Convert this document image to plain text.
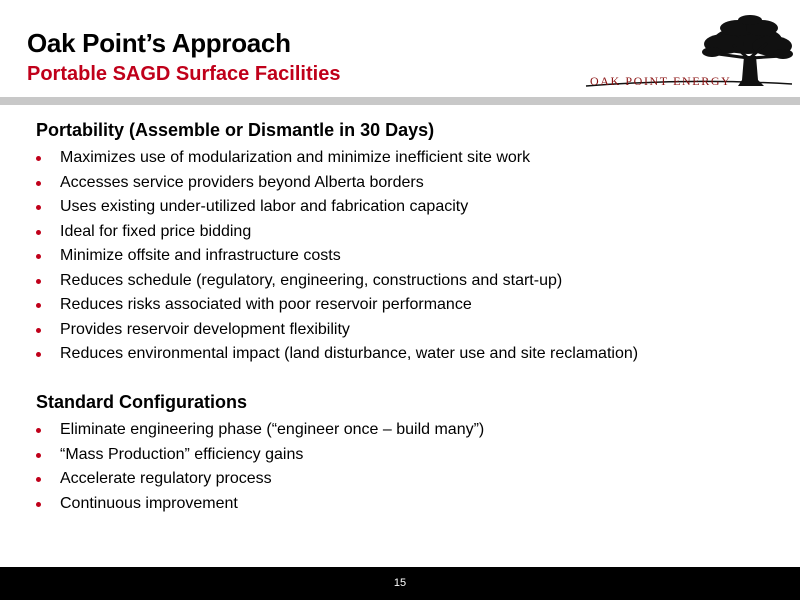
Oak Point’s Approach
Portable SAGD Surface Facilities	OAK POINT ENERGY
Portability (Assemble or Dismantle in 30 Days)
Maximizes use of modularization and minimize inefficient site work
Accesses service providers beyond Alberta borders
Uses existing under-utilized labor and fabrication capacity
Ideal for fixed price bidding
Minimize offsite and infrastructure costs
Reduces schedule (regulatory, engineering, constructions and start-up)
Reduces risks associated with poor reservoir performance
Provides reservoir development flexibility
Reduces environmental impact (land disturbance, water use and site reclamation)
Standard Configurations
Eliminate engineering phase (“engineer once – build many”)
“Mass Production” efficiency gains
Accelerate regulatory process
Continuous improvement
15
